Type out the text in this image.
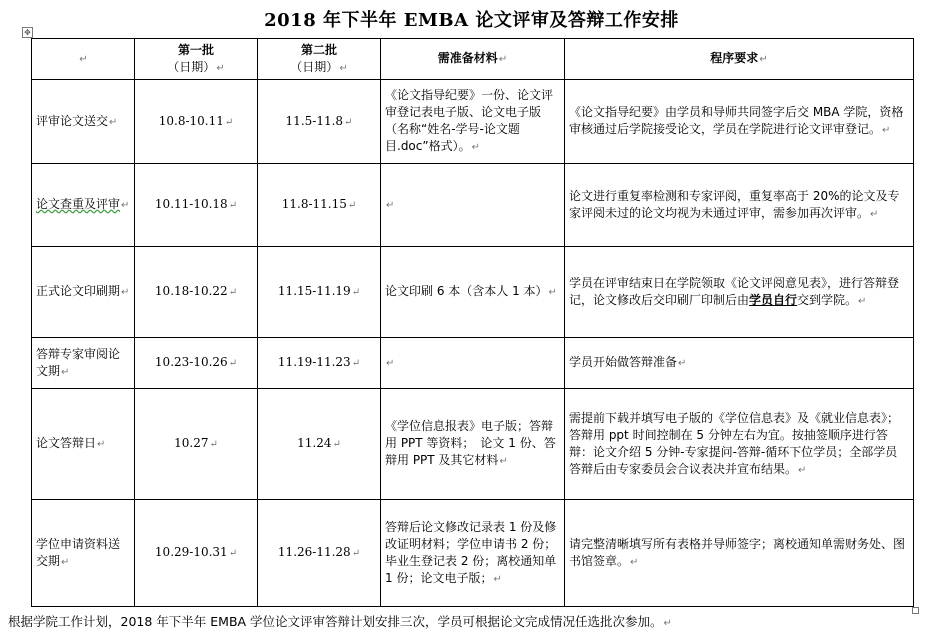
2018 年下半年 EMBA 论文评审及答辩工作安排
✥
↵	第一批
（日期）↵	第二批
（日期）↵	需准备材料↵	程序要求↵
评审论文送交↵	10.8-10.11↵	11.5-11.8↵	《论文指导纪要》一份、论文评审登记表电子版、论文电子版（名称“姓名-学号-论文题目.doc”格式）。↵	《论文指导纪要》由学员和导师共同签字后交 MBA 学院，资格审核通过后学院接受论文，学员在学院进行论文评审登记。↵
论文查重及评审↵	10.11-10.18↵	11.8-11.15↵	↵	论文进行重复率检测和专家评阅，重复率高于 20%的论文及专家评阅未过的论文均视为未通过评审，需参加再次评审。↵
正式论文印刷期↵	10.18-10.22↵	11.15-11.19↵	论文印刷 6 本（含本人 1 本）↵	学员在评审结束日在学院领取《论文评阅意见表》，进行答辩登记，论文修改后交印刷厂印制后由学员自行交到学院。↵
答辩专家审阅论文期↵	10.23-10.26↵	11.19-11.23↵	↵	学员开始做答辩准备↵
论文答辩日↵	10.27↵	11.24↵	《学位信息报表》电子版；答辩用 PPT 等资料；　论文 1 份、答辩用 PPT 及其它材料↵	需提前下载并填写电子版的《学位信息表》及《就业信息表》；答辩用 ppt 时间控制在 5 分钟左右为宜。按抽签顺序进行答辩：论文介绍 5 分钟-专家提问-答辩-循环下位学员；全部学员答辩后由专家委员会合议表决并宣布结果。↵
学位申请资料送交期↵	10.29-10.31↵	11.26-11.28↵	答辩后论文修改记录表 1 份及修改证明材料；学位申请书 2 份；毕业生登记表 2 份；离校通知单 1 份；论文电子版；↵	请完整清晰填写所有表格并导师签字；离校通知单需财务处、图书馆签章。↵
根据学院工作计划，2018 年下半年 EMBA 学位论文评审答辩计划安排三次，学员可根据论文完成情况任选批次参加。↵
